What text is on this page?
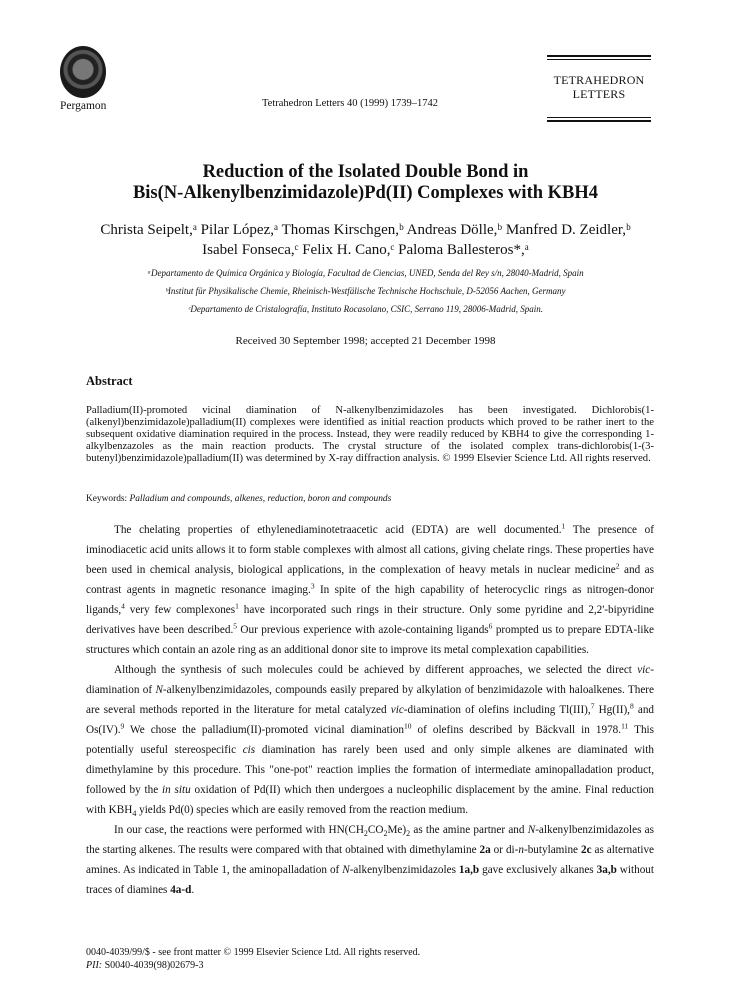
Pergamon	Tetrahedron Letters 40 (1999) 1739–1742
TETRAHEDRON
LETTERS
Reduction of the Isolated Double Bond in
Bis(N-Alkenylbenzimidazole)Pd(II) Complexes with KBH4
Christa Seipelt,ᵃ Pilar López,ᵃ Thomas Kirschgen,ᵇ Andreas Dölle,ᵇ Manfred D. Zeidler,ᵇ
Isabel Fonseca,ᶜ Felix H. Cano,ᶜ Paloma Ballesteros*,ᵃ
ᵃDepartamento de Química Orgánica y Biología, Facultad de Ciencias, UNED, Senda del Rey s/n, 28040-Madrid, Spain
ᵇInstitut für Physikalische Chemie, Rheinisch-Westfälische Technische Hochschule, D-52056 Aachen, Germany
ᶜDepartamento de Cristalografía, Instituto Rocasolano, CSIC, Serrano 119, 28006-Madrid, Spain.
Received 30 September 1998; accepted 21 December 1998
Abstract
Palladium(II)-promoted vicinal diamination of N-alkenylbenzimidazoles has been investigated. Dichlorobis(1-(alkenyl)benzimidazole)palladium(II) complexes were identified as initial reaction products which proved to be rather inert to the subsequent oxidative diamination required in the process. Instead, they were readily reduced by KBH4 to give the corresponding 1-alkylbenzazoles as the main reaction products. The crystal structure of the isolated complex trans-dichlorobis(1-(3-butenyl)benzimidazole)palladium(II) was determined by X-ray diffraction analysis. © 1999 Elsevier Science Ltd. All rights reserved.
Keywords: Palladium and compounds, alkenes, reduction, boron and compounds

The chelating properties of ethylenediaminotetraacetic acid (EDTA) are well documented.$^1$ The presence of iminodiacetic acid units allows it to form stable complexes with almost all cations, giving chelate rings. These properties have been used in chemical analysis, biological applications, in the complexation of heavy metals in nuclear medicine$^2$ and as contrast agents in magnetic resonance imaging.$^3$ In spite of the high capability of heterocyclic rings as nitrogen-donor ligands,$^4$ very few complexones$^1$ have incorporated such rings in their structure. Only some pyridine and 2,2'-bipyridine derivatives have been described.$^5$ Our previous experience with azole-containing ligands$^6$ prompted us to prepare EDTA-like structures which contain an azole ring as an additional donor site to improve its metal complexation capabilities.

Although the synthesis of such molecules could be achieved by different approaches, we selected the direct vic-diamination of N-alkenylbenzimidazoles, compounds easily prepared by alkylation of benzimidazole with haloalkenes. There are several methods reported in the literature for metal catalyzed vic-diamination of olefins including Tl(III),$^7$ Hg(II),$^8$ and Os(IV).$^9$ We chose the palladium(II)-promoted vicinal diamination$^{10}$ of olefins described by Bäckvall in 1978.11 This potentially useful stereospecific cis diamination has rarely been used and only simple alkenes are diaminated with dimethylamine by this procedure. This "one-pot" reaction implies the formation of intermediate aminopalladation product, followed by the in situ oxidation of Pd(II) which then undergoes a nucleophilic displacement by the amine. Final reduction with $KBH_4$ yields Pd(0) species which are easily removed from the reaction medium.

In our case, the reactions were performed with $HN(CH_2CO_2Me)_2$ as the amine partner and N-alkenylbenzimidazoles as the starting alkenes. The results were compared with that obtained with dimethylamine 2a or di-n-butylamine 2c as alternative amines. As indicated in Table 1, the aminopalladation of N-alkenylbenzimidazoles 1a,b gave exclusively alkanes 3a,b without traces of diamines 4a-d.

0040-4039/99/$ - see front matter © 1999 Elsevier Science Ltd. All rights reserved.
PII: S0040-4039(98)02679-3
